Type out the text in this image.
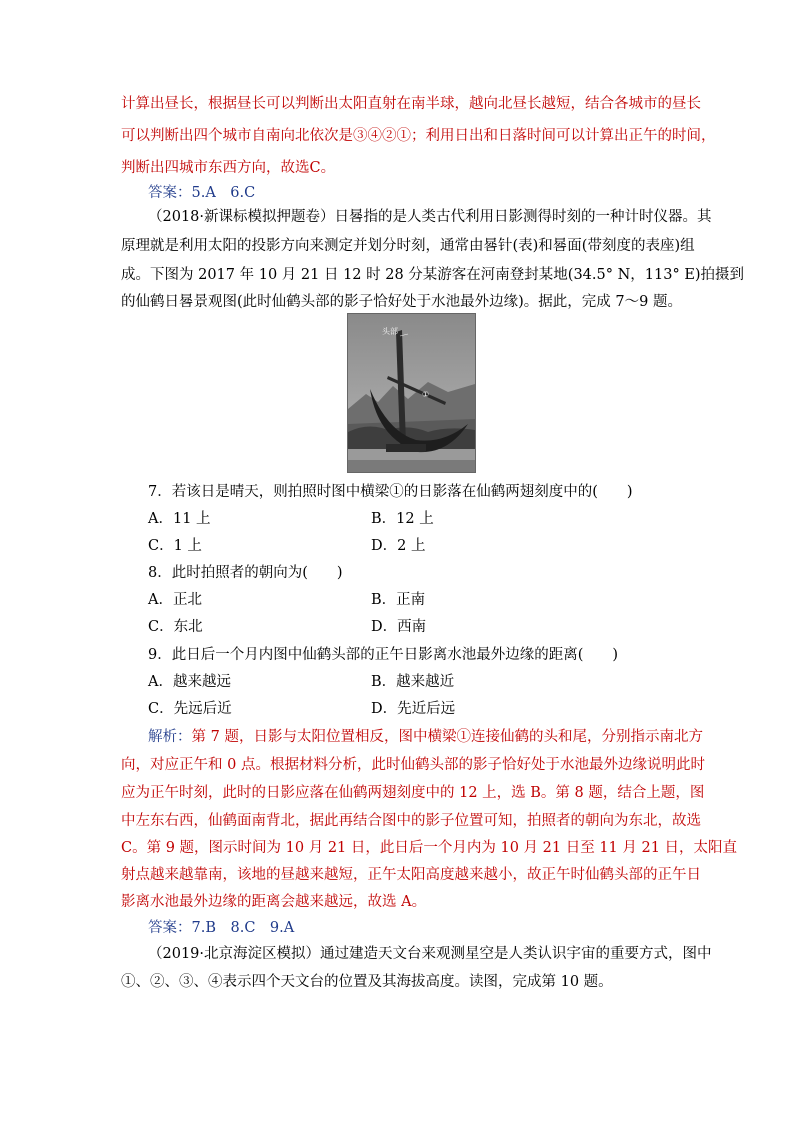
计算出昼长，根据昼长可以判断出太阳直射在南半球，越向北昼长越短，结合各城市的昼长
可以判断出四个城市自南向北依次是③④②①；利用日出和日落时间可以计算出正午的时间，
判断出四城市东西方向，故选C。
答案：5.A　6.C
（2018·新课标模拟押题卷）日晷指的是人类古代利用日影测得时刻的一种计时仪器。其
原理就是利用太阳的投影方向来测定并划分时刻，通常由晷针(表)和晷面(带刻度的表座)组
成。下图为 2017 年 10 月 21 日 12 时 28 分某游客在河南登封某地(34.5° N，113° E)拍摄到
的仙鹤日晷景观图(此时仙鹤头部的影子恰好处于水池最外边缘)。据此，完成 7～9 题。
头部
①
7．若该日是晴天，则拍照时图中横梁①的日影落在仙鹤两翅刻度中的(　　)
A．11 上	B．12 上
C．1 上	D．2 上
8．此时拍照者的朝向为(　　)
A．正北	B．正南
C．东北	D．西南
9．此日后一个月内图中仙鹤头部的正午日影离水池最外边缘的距离(　　)
A．越来越远	B．越来越近
C．先远后近	D．先近后远
解析：第 7 题，日影与太阳位置相反，图中横梁①连接仙鹤的头和尾，分别指示南北方
向，对应正午和 0 点。根据材料分析，此时仙鹤头部的影子恰好处于水池最外边缘说明此时
应为正午时刻，此时的日影应落在仙鹤两翅刻度中的 12 上，选 B。第 8 题，结合上题，图
中左东右西，仙鹤面南背北，据此再结合图中的影子位置可知，拍照者的朝向为东北，故选
C。第 9 题，图示时间为 10 月 21 日，此日后一个月内为 10 月 21 日至 11 月 21 日，太阳直
射点越来越靠南，该地的昼越来越短，正午太阳高度越来越小，故正午时仙鹤头部的正午日
影离水池最外边缘的距离会越来越远，故选 A。
答案：7.B　8.C　9.A
（2019·北京海淀区模拟）通过建造天文台来观测星空是人类认识宇宙的重要方式，图中
①、②、③、④表示四个天文台的位置及其海拔高度。读图，完成第 10 题。
